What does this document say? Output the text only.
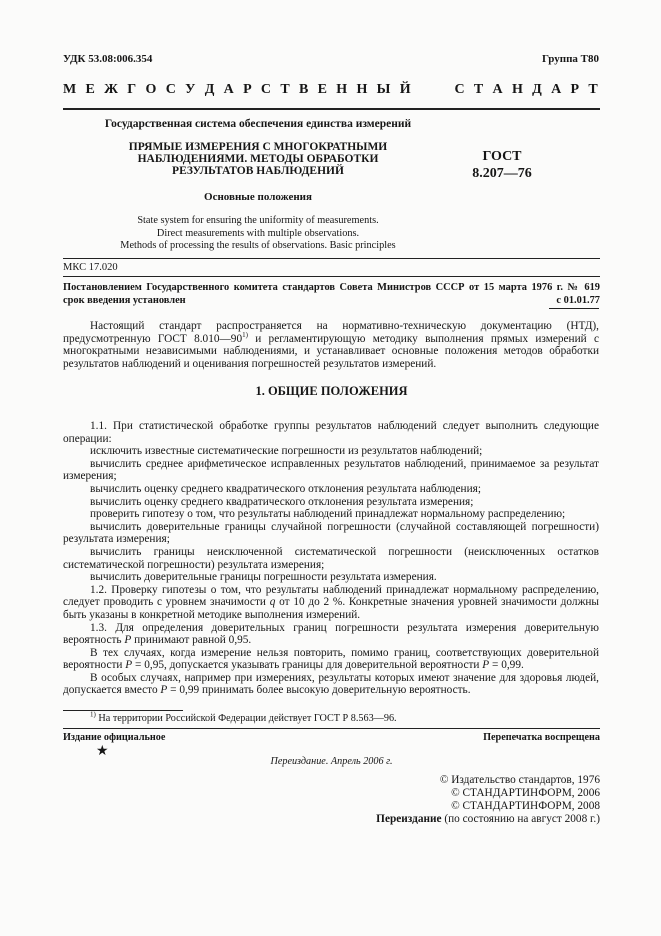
УДК 53.08:006.354	Группа Т80
М Е Ж Г О С У Д А Р С Т В Е Н Н Ы Й	С Т А Н Д А Р Т
Государственная система обеспечения единства измерений
ПРЯМЫЕ ИЗМЕРЕНИЯ С МНОГОКРАТНЫМИ
НАБЛЮДЕНИЯМИ. МЕТОДЫ ОБРАБОТКИ
РЕЗУЛЬТАТОВ НАБЛЮДЕНИЙ
ГОСТ
8.207—76
Основные положения
State system for ensuring the uniformity of measurements.
Direct measurements with multiple observations.
Methods of processing the results of observations. Basic principles
МКС 17.020
Постановлением Государственного комитета стандартов Совета Министров СССР от 15 марта 1976 г. № 619
срок введения установлен	с 01.01.77

Настоящий стандарт распространяется на нормативно-техническую документацию (НТД), предусмотренную ГОСТ 8.010—90$^{1)}$ и регламентирующую методику выполнения прямых измерений с многократными независимыми наблюдениями, и устанавливает основные положения методов обработки результатов наблюдений и оценивания погрешностей результатов измерений.

1. ОБЩИЕ ПОЛОЖЕНИЯ

1.1. При статистической обработке группы результатов наблюдений следует выполнить следующие операции:

исключить известные систематические погрешности из результатов наблюдений;

вычислить среднее арифметическое исправленных результатов наблюдений, принимаемое за результат измерения;

вычислить оценку среднего квадратического отклонения результата наблюдения;

вычислить оценку среднего квадратического отклонения результата измерения;

проверить гипотезу о том, что результаты наблюдений принадлежат нормальному распределению;

вычислить доверительные границы случайной погрешности (случайной составляющей погрешности) результата измерения;

вычислить границы неисключенной систематической погрешности (неисключенных остатков систематической погрешности) результата измерения;

вычислить доверительные границы погрешности результата измерения.

1.2. Проверку гипотезы о том, что результаты наблюдений принадлежат нормальному распределению, следует проводить с уровнем значимости q от 10 до 2 %. Конкретные значения уровней значимости должны быть указаны в конкретной методике выполнения измерений.

1.3. Для определения доверительных границ погрешности результата измерения доверительную вероятность P принимают равной 0,95.

В тех случаях, когда измерение нельзя повторить, помимо границ, соответствующих доверительной вероятности P = 0,95, допускается указывать границы для доверительной вероятности P = 0,99.

В особых случаях, например при измерениях, результаты которых имеют значение для здоровья людей, допускается вместо P = 0,99 принимать более высокую доверительную вероятность.

$^{1)}$ На территории Российской Федерации действует ГОСТ Р 8.563—96.
Издание официальное	Перепечатка воспрещена
★
Переиздание. Апрель 2006 г.
© Издательство стандартов, 1976
© СТАНДАРТИНФОРМ, 2006
© СТАНДАРТИНФОРМ, 2008
Переиздание (по состоянию на август 2008 г.)
